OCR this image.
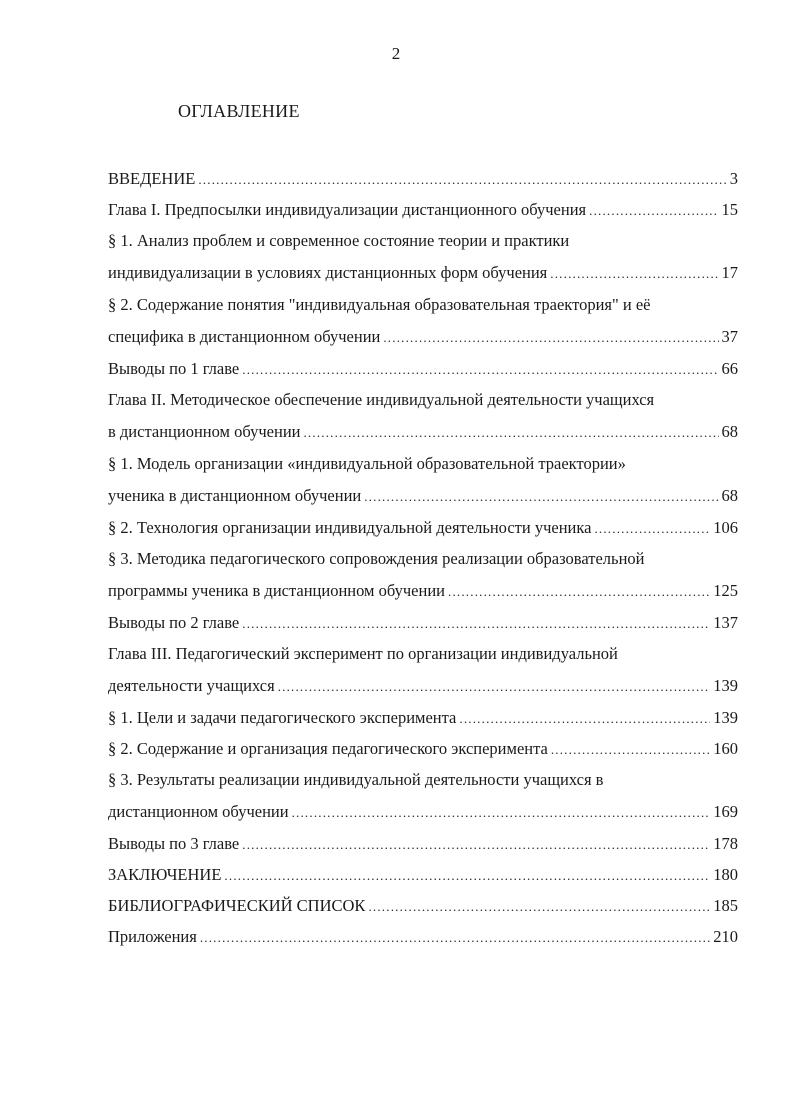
2
ОГЛАВЛЕНИЕ
ВВЕДЕНИЕ .....	3
Глава I. Предпосылки индивидуализации дистанционного обучения .....	15
§ 1. Анализ проблем и современное состояние теории и практики
индивидуализации в условиях дистанционных форм обучения .....	17
§ 2. Содержание понятия "индивидуальная образовательная траектория" и её
специфика в дистанционном обучении .....	37
Выводы по 1 главе .....	66
Глава II. Методическое обеспечение индивидуальной деятельности учащихся
в дистанционном обучении .....	68
§ 1. Модель организации «индивидуальной образовательной траектории»
ученика в дистанционном обучении .....	68
§ 2. Технология организации индивидуальной деятельности ученика .....	106
§ 3. Методика педагогического сопровождения реализации образовательной
программы ученика в дистанционном обучении .....	125
Выводы по 2 главе .....	137
Глава III. Педагогический эксперимент по организации индивидуальной
деятельности учащихся .....	139
§ 1. Цели и задачи педагогического эксперимента .....	139
§ 2. Содержание и организация педагогического эксперимента .....	160
§ 3. Результаты реализации индивидуальной деятельности учащихся в
дистанционном обучении .....	169
Выводы по 3 главе .....	178
ЗАКЛЮЧЕНИЕ .....	180
БИБЛИОГРАФИЧЕСКИЙ СПИСОК .....	185
Приложения .....	210
